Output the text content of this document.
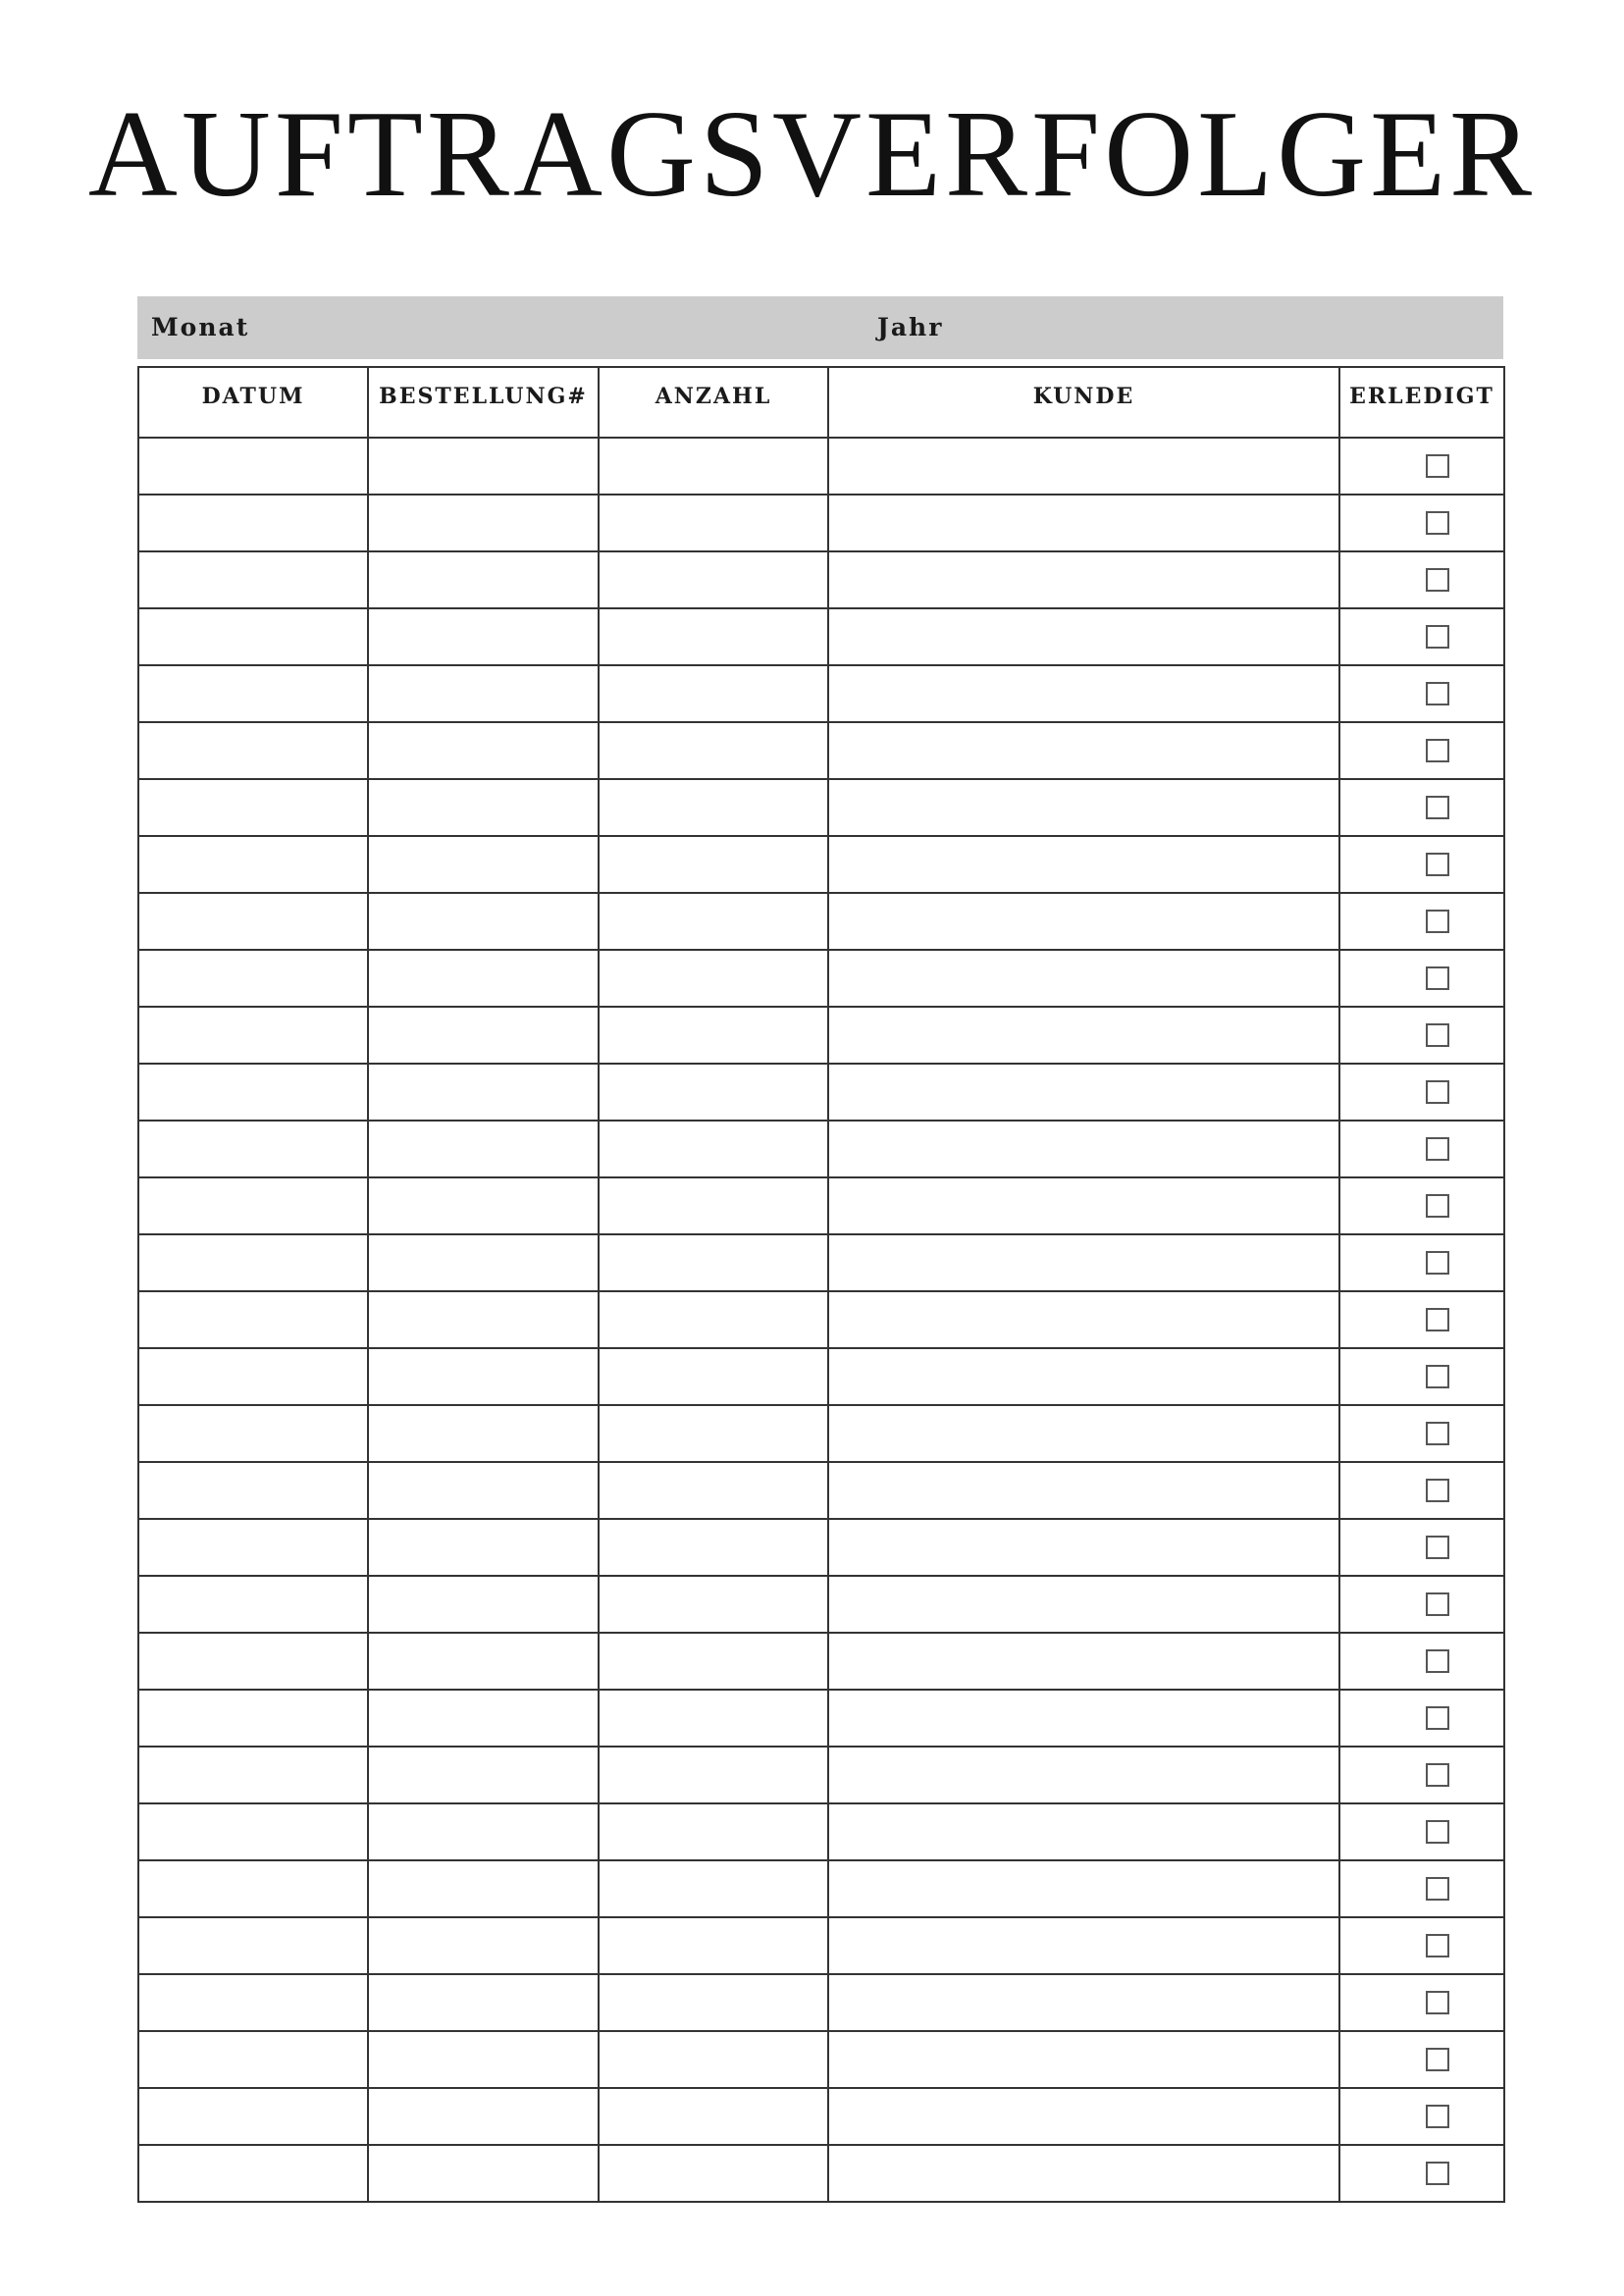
AUFTRAGSVERFOLGER
Monat	Jahr
DATUM	BESTELLUNG#	ANZAHL	KUNDE	ERLEDIGT
